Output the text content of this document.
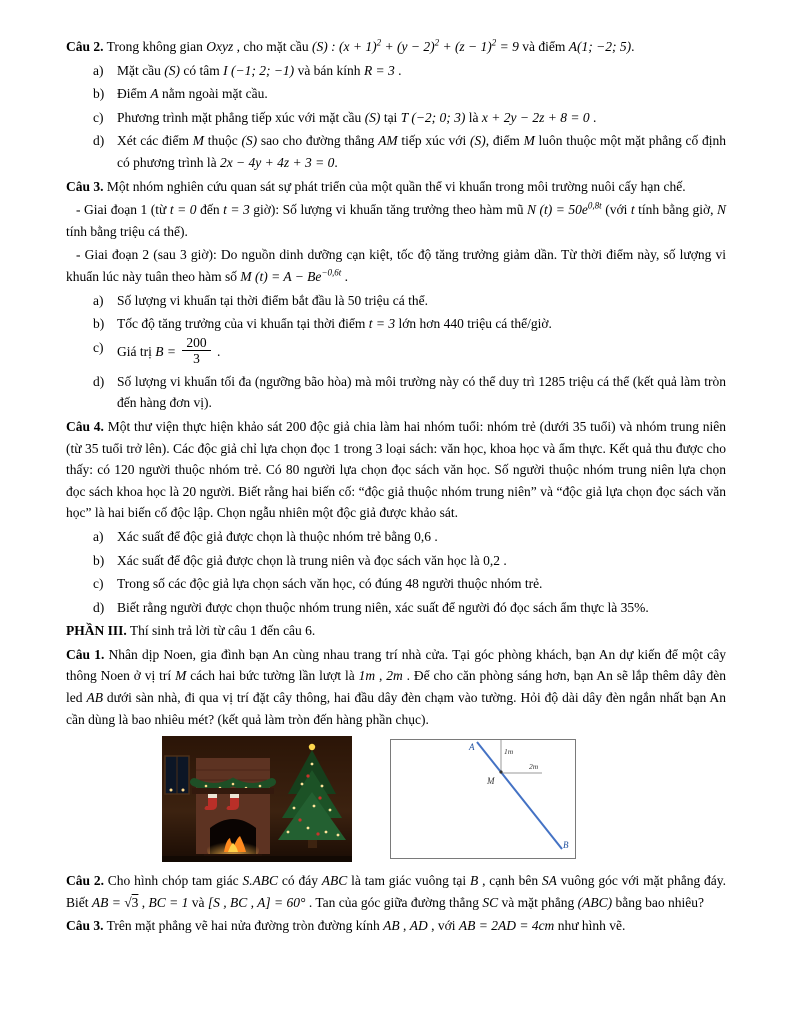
Câu 2. Trong không gian Oxyz , cho mặt cầu (S) : $(x + 1)^2 + (y - 2)^2 + (z - 1)^2 = 9$ và điểm A(1; −2; 5).

a) Mặt cầu (S) có tâm I (−1; 2; −1) và bán kính R = 3 .
b) Điểm A nằm ngoài mặt cầu.
c) Phương trình mặt phẳng tiếp xúc với mặt cầu (S) tại T (−2; 0; 3) là x + 2y − 2z + 8 = 0 .
d) Xét các điểm M thuộc (S) sao cho đường thẳng AM tiếp xúc với (S), điểm M luôn thuộc một mặt phẳng cố định có phương trình là 2x − 4y + 4z + 3 = 0.

Câu 3. Một nhóm nghiên cứu quan sát sự phát triển của một quần thể vi khuẩn trong môi trường nuôi cấy hạn chế.

- Giai đoạn 1 (từ t = 0 đến t = 3 giờ): Số lượng vi khuẩn tăng trưởng theo hàm mũ N $(t) = 50e^{0,8t}$ (với t tính bằng giờ, N tính bằng triệu cá thể).

- Giai đoạn 2 (sau 3 giờ): Do nguồn dinh dưỡng cạn kiệt, tốc độ tăng trưởng giảm dần. Từ thời điểm này, số lượng vi khuẩn lúc này tuân theo hàm số M $(t) = A - Be^{-0,6t}$ .

a) Số lượng vi khuẩn tại thời điểm bắt đầu là 50 triệu cá thể.
b) Tốc độ tăng trưởng của vi khuẩn tại thời điểm t = 3 lớn hơn 440 triệu cá thể/giờ.
c) Giá trị $B = \frac{200}{3}$ .
d) Số lượng vi khuẩn tối đa (ngưỡng bão hòa) mà môi trường này có thể duy trì 1285 triệu cá thể (kết quả làm tròn đến hàng đơn vị).

Câu 4. Một thư viện thực hiện khảo sát 200 độc giả chia làm hai nhóm tuổi: nhóm trẻ (dưới 35 tuổi) và nhóm trung niên (từ 35 tuổi trở lên). Các độc giả chỉ lựa chọn đọc 1 trong 3 loại sách: văn học, khoa học và ẩm thực. Kết quả thu được cho thấy: có 120 người thuộc nhóm trẻ. Có 80 người lựa chọn đọc sách văn học. Số người thuộc nhóm trung niên lựa chọn đọc sách khoa học là 20 người. Biết rằng hai biến cố: “độc giả thuộc nhóm trung niên” và “độc giả lựa chọn đọc sách văn học” là hai biến cố độc lập. Chọn ngẫu nhiên một độc giả được khảo sát.

a) Xác suất để độc giả được chọn là thuộc nhóm trẻ bằng 0,6 .
b) Xác suất để độc giả được chọn là trung niên và đọc sách văn học là 0,2 .
c) Trong số các độc giả lựa chọn sách văn học, có đúng 48 người thuộc nhóm trẻ.
d) Biết rằng người được chọn thuộc nhóm trung niên, xác suất để người đó đọc sách ẩm thực là 35%.

PHẦN III. Thí sinh trả lời từ câu 1 đến câu 6.

Câu 1. Nhân dịp Noen, gia đình bạn An cùng nhau trang trí nhà cửa. Tại góc phòng khách, bạn An dự kiến để một cây thông Noen ở vị trí M cách hai bức tường lần lượt là 1m , 2m . Để cho căn phòng sáng hơn, bạn An sẽ lắp thêm dây đèn led AB dưới sàn nhà, đi qua vị trí đặt cây thông, hai đầu dây đèn chạm vào tường. Hỏi độ dài dây đèn ngắn nhất bạn An cần dùng là bao nhiêu mét? (kết quả làm tròn đến hàng phần chục).

A	1m
2m
M
B

Câu 2. Cho hình chóp tam giác S.ABC có đáy ABC là tam giác vuông tại B , cạnh bên SA vuông góc với mặt phẳng đáy. Biết AB = √3 , BC = 1 và [S , BC , A] = 60° . Tan của góc giữa đường thẳng SC và mặt phẳng (ABC) bằng bao nhiêu?

Câu 3. Trên mặt phẳng vẽ hai nửa đường tròn đường kính AB , AD , với AB = 2AD = 4cm như hình vẽ.
